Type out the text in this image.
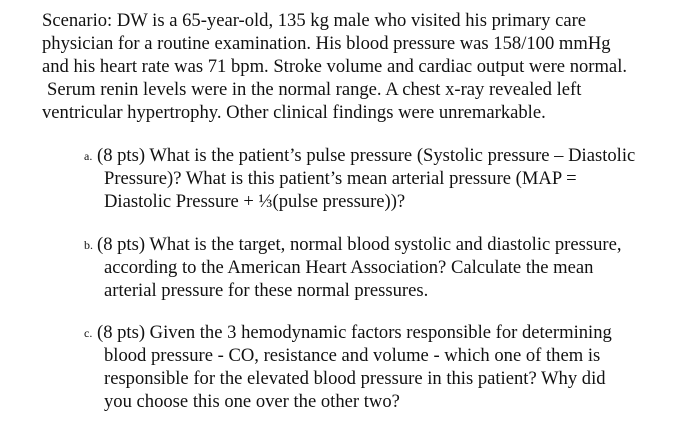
Scenario: DW is a 65-year-old, 135 kg male who visited his primary care
physician for a routine examination. His blood pressure was 158/100 mmHg
and his heart rate was 71 bpm. Stroke volume and cardiac output were normal.
Serum renin levels were in the normal range. A chest x-ray revealed left
ventricular hypertrophy. Other clinical findings were unremarkable.
a. (8 pts) What is the patient’s pulse pressure (Systolic pressure – Diastolic
Pressure)? What is this patient’s mean arterial pressure (MAP =
Diastolic Pressure + ⅓(pulse pressure))?
b. (8 pts) What is the target, normal blood systolic and diastolic pressure,
according to the American Heart Association? Calculate the mean
arterial pressure for these normal pressures.
c. (8 pts) Given the 3 hemodynamic factors responsible for determining
blood pressure - CO, resistance and volume - which one of them is
responsible for the elevated blood pressure in this patient? Why did
you choose this one over the other two?
